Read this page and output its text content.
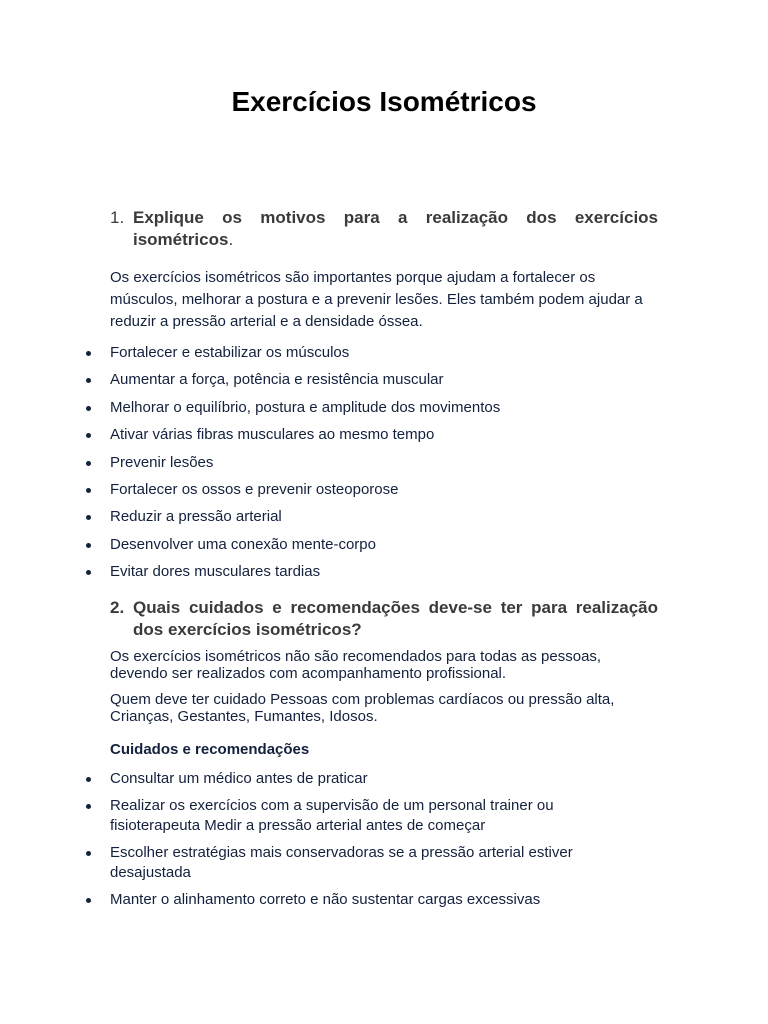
Exercícios Isométricos
1. Explique os motivos para a realização dos exercícios isométricos.

Os exercícios isométricos são importantes porque ajudam a fortalecer os músculos, melhorar a postura e a prevenir lesões. Eles também podem ajudar a reduzir a pressão arterial e a densidade óssea.

Fortalecer e estabilizar os músculos
Aumentar a força, potência e resistência muscular
Melhorar o equilíbrio, postura e amplitude dos movimentos
Ativar várias fibras musculares ao mesmo tempo
Prevenir lesões
Fortalecer os ossos e prevenir osteoporose
Reduzir a pressão arterial
Desenvolver uma conexão mente-corpo
Evitar dores musculares tardias
2. Quais cuidados e recomendações deve-se ter para realização dos exercícios isométricos?

Os exercícios isométricos não são recomendados para todas as pessoas, devendo ser realizados com acompanhamento profissional.

Quem deve ter cuidado Pessoas com problemas cardíacos ou pressão alta, Crianças, Gestantes, Fumantes, Idosos.

Cuidados e recomendações

Consultar um médico antes de praticar
Realizar os exercícios com a supervisão de um personal trainer ou fisioterapeuta Medir a pressão arterial antes de começar
Escolher estratégias mais conservadoras se a pressão arterial estiver desajustada
Manter o alinhamento correto e não sustentar cargas excessivas
